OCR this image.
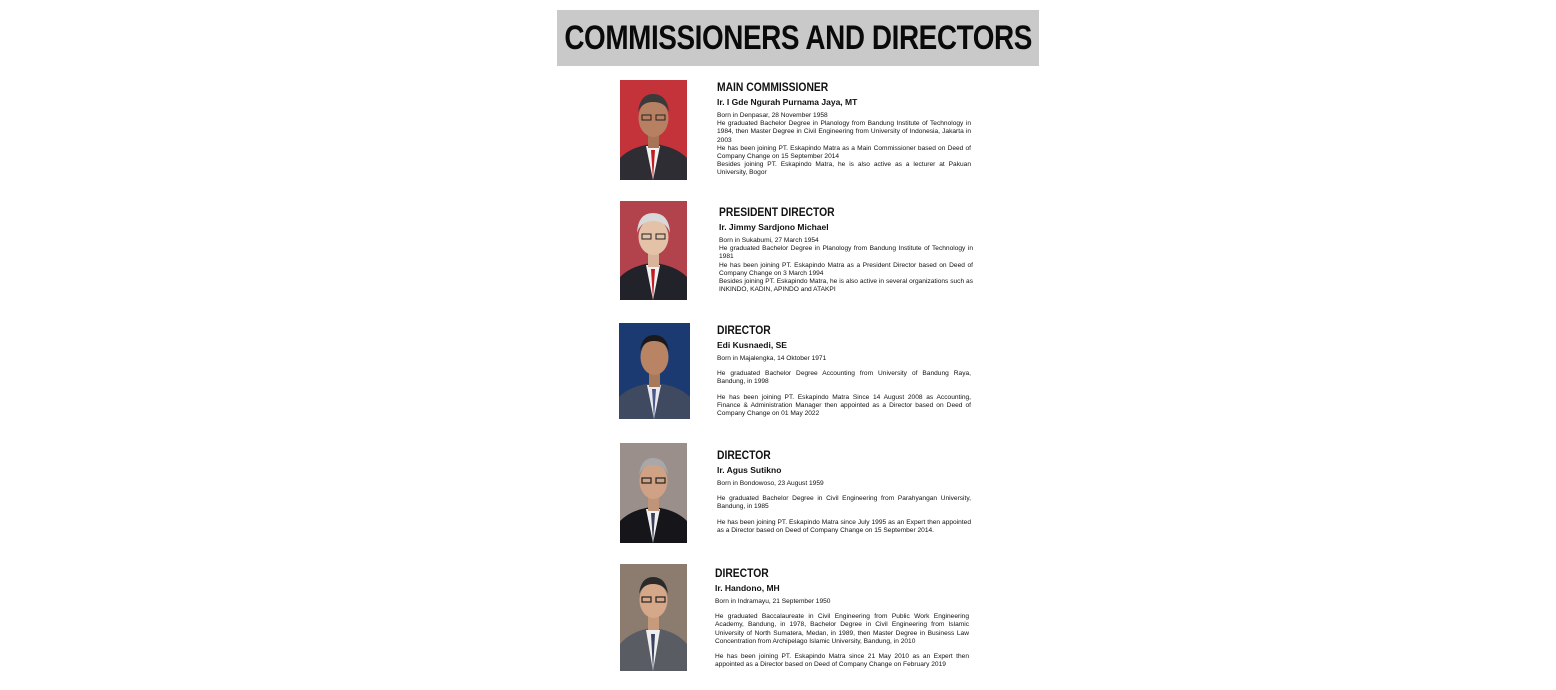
COMMISSIONERS AND DIRECTORS
MAIN COMMISSIONER
Ir. I Gde Ngurah Purnama Jaya, MT

Born in Denpasar, 28 November 1958

He graduated Bachelor Degree in Planology from Bandung Institute of Technology in 1984, then Master Degree in Civil Engineering from University of Indonesia, Jakarta in 2003

He has been joining PT. Eskapindo Matra as a Main Commissioner based on Deed of Company Change on 15 September 2014

Besides joining PT. Eskapindo Matra, he is also active as a lecturer at Pakuan University, Bogor

PRESIDENT DIRECTOR
Ir. Jimmy Sardjono Michael

Born in Sukabumi, 27 March 1954

He graduated Bachelor Degree in Planology from Bandung Institute of Technology in 1981

He has been joining PT. Eskapindo Matra as a President Director based on Deed of Company Change on 3 March 1994

Besides joining PT. Eskapindo Matra, he is also active in several organizations such as INKINDO, KADIN, APINDO and ATAKPI

DIRECTOR
Edi Kusnaedi, SE

Born in Majalengka, 14 Oktober 1971

He graduated Bachelor Degree Accounting from University of Bandung Raya, Bandung, in 1998

He has been joining PT. Eskapindo Matra Since 14 August 2008 as Accounting, Finance & Administration Manager then appointed as a Director based on Deed of Company Change on 01 May 2022

DIRECTOR
Ir. Agus Sutikno

Born in Bondowoso, 23 August 1959

He graduated Bachelor Degree in Civil Engineering from Parahyangan University, Bandung, in 1985

He has been joining PT. Eskapindo Matra since July 1995 as an Expert then appointed as a Director based on Deed of Company Change on 15 September 2014.

DIRECTOR
Ir. Handono, MH

Born in Indramayu, 21 September 1950

He graduated Baccalaureate in Civil Engineering from Public Work Engineering Academy, Bandung, in 1978, Bachelor Degree in Civil Engineering from Islamic University of North Sumatera, Medan, in 1989, then Master Degree in Business Law Concentration from Archipelago Islamic University, Bandung, in 2010

He has been joining PT. Eskapindo Matra since 21 May 2010 as an Expert then appointed as a Director based on Deed of Company Change on February 2019
